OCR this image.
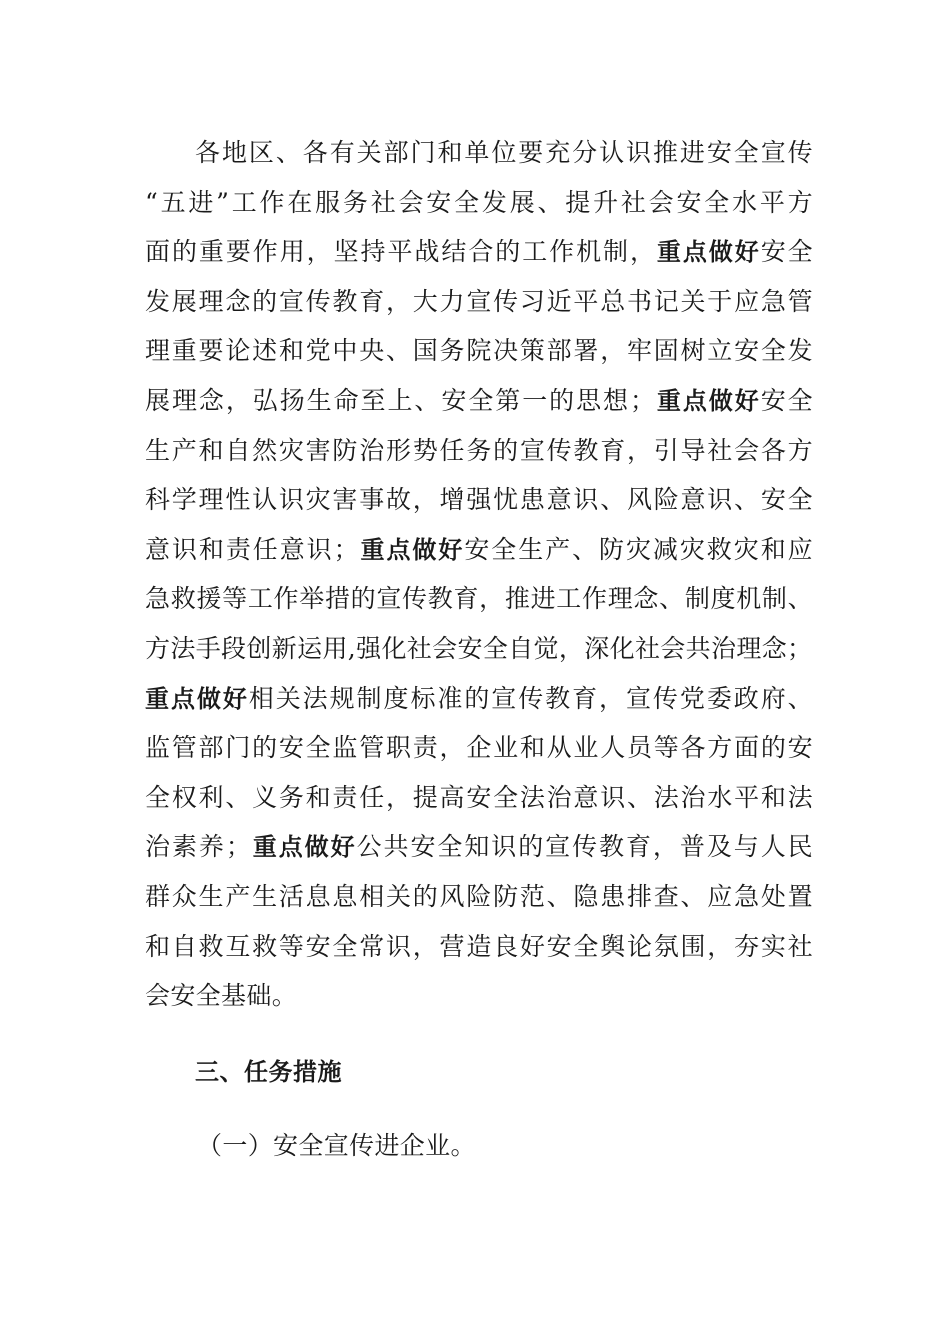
各地区、各有关部门和单位要充分认识推进安全宣传
“五进”工作在服务社会安全发展、提升社会安全水平方
面的重要作用，坚持平战结合的工作机制，重点做好安全
发展理念的宣传教育，大力宣传习近平总书记关于应急管
理重要论述和党中央、国务院决策部署，牢固树立安全发
展理念，弘扬生命至上、安全第一的思想；重点做好安全
生产和自然灾害防治形势任务的宣传教育，引导社会各方
科学理性认识灾害事故，增强忧患意识、风险意识、安全
意识和责任意识；重点做好安全生产、防灾减灾救灾和应
急救援等工作举措的宣传教育，推进工作理念、制度机制、
方法手段创新运用,强化社会安全自觉，深化社会共治理念；
重点做好相关法规制度标准的宣传教育，宣传党委政府、
监管部门的安全监管职责，企业和从业人员等各方面的安
全权利、义务和责任，提高安全法治意识、法治水平和法
治素养；重点做好公共安全知识的宣传教育，普及与人民
群众生产生活息息相关的风险防范、隐患排查、应急处置
和自救互救等安全常识，营造良好安全舆论氛围，夯实社
会安全基础。
三、任务措施
（一）安全宣传进企业。
